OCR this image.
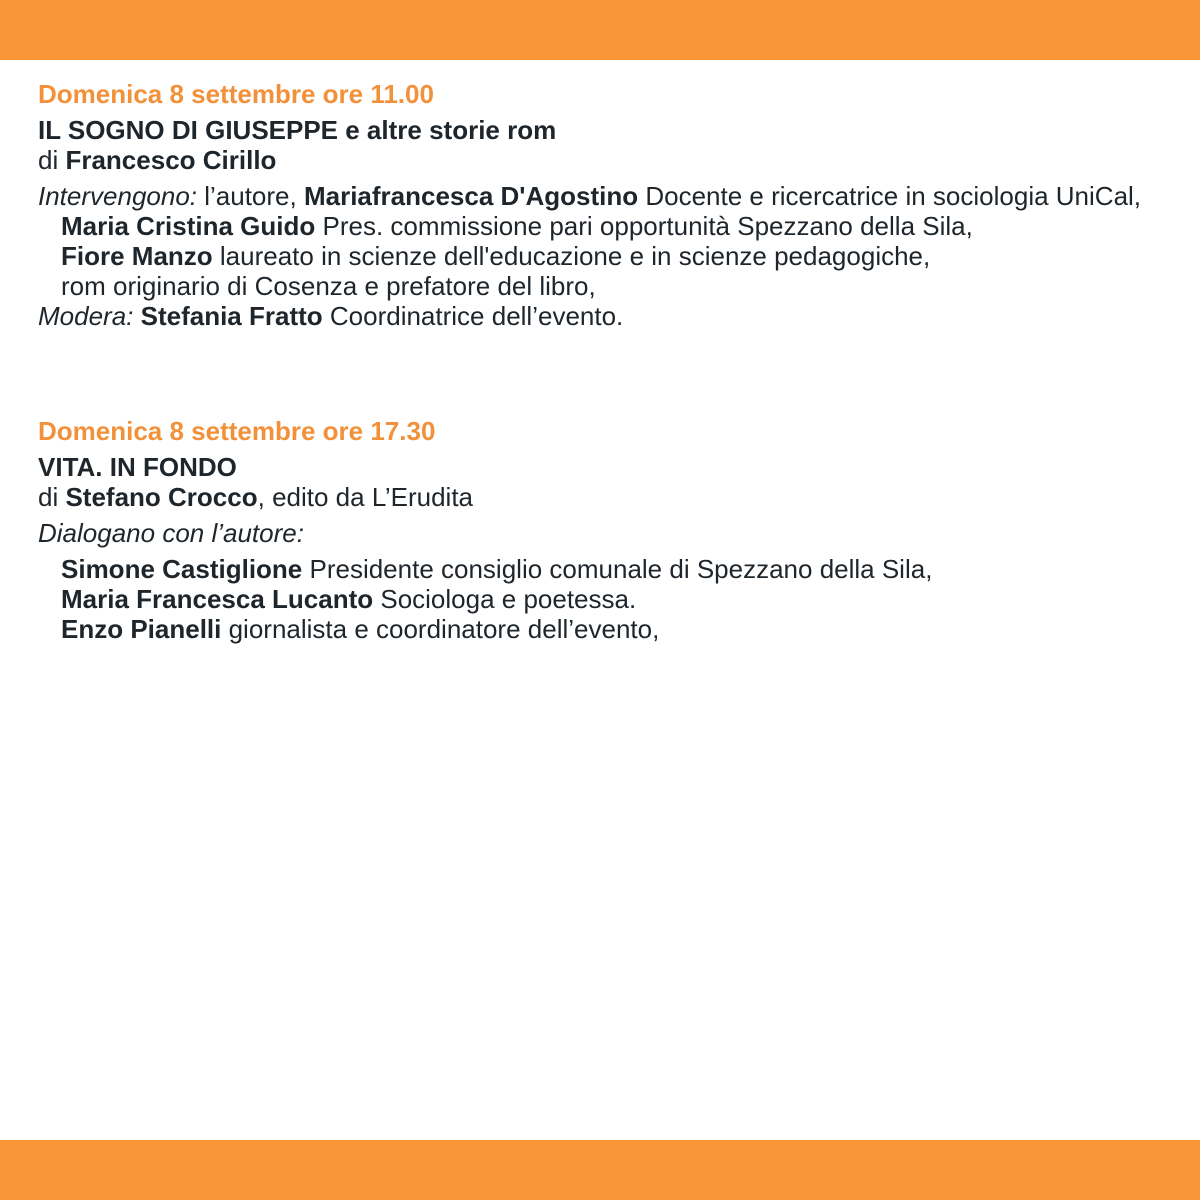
Domenica 8 settembre ore 11.00
IL SOGNO DI GIUSEPPE e altre storie rom
di Francesco Cirillo
Intervengono: l’autore, Mariafrancesca D'Agostino Docente e ricercatrice in sociologia UniCal,
Maria Cristina Guido Pres. commissione pari opportunità Spezzano della Sila,
Fiore Manzo laureato in scienze dell'educazione e in scienze pedagogiche,
rom originario di Cosenza e prefatore del libro,
Modera: Stefania Fratto Coordinatrice dell’evento.
Domenica 8 settembre ore 17.30
VITA. IN FONDO
di Stefano Crocco, edito da L’Erudita
Dialogano con l’autore:
Simone Castiglione Presidente consiglio comunale di Spezzano della Sila,
Maria Francesca Lucanto Sociologa e poetessa.
Enzo Pianelli giornalista e coordinatore dell’evento,
